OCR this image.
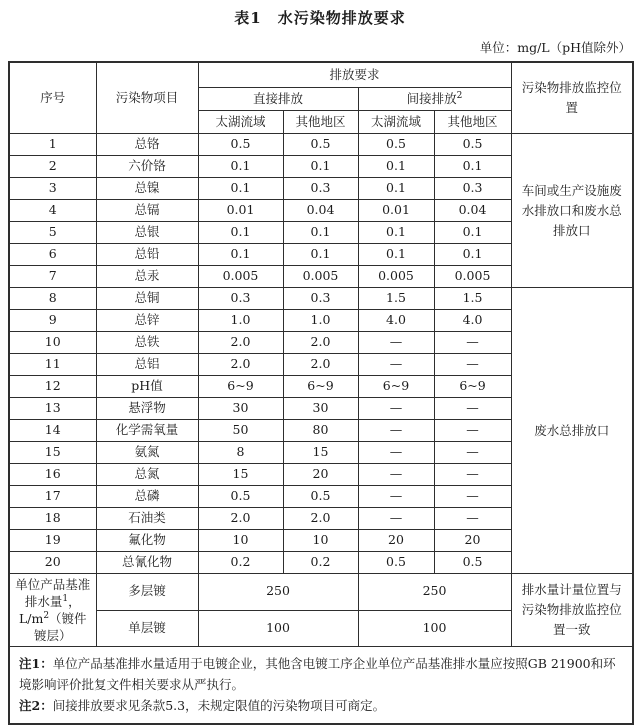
表1　水污染物排放要求
单位：mg/L（pH值除外）
序号	污染物项目	排放要求				污染物排放监控位置
		直接排放		间接排放$^2$
		太湖流域	其他地区	太湖流域	其他地区	
1	总铬	0.5	0.5	0.5	0.5	车间或生产设施废水排放口和废水总排放口
2	六价铬	0.1	0.1	0.1	0.1	
3	总镍	0.1	0.3	0.1	0.3	
4	总镉	0.01	0.04	0.01	0.04	
5	总银	0.1	0.1	0.1	0.1	
6	总铅	0.1	0.1	0.1	0.1	
7	总汞	0.005	0.005	0.005	0.005	
8	总铜	0.3	0.3	1.5	1.5	废水总排放口
9	总锌	1.0	1.0	4.0	4.0	
10	总铁	2.0	2.0	—	—	
11	总铝	2.0	2.0	—	—	
12	pH值	6~9	6~9	6~9	6~9	
13	悬浮物	30	30	—	—	
14	化学需氧量	50	80	—	—	
15	氨氮	8	15	—	—	
16	总氮	15	20	—	—	
17	总磷	0.5	0.5	—	—	
18	石油类	2.0	2.0	—	—	
19	氟化物	10	10	20	20	
20	总氰化物	0.2	0.2	0.5	0.5	
单位产品基准排水量$^1$，$L/m^2$（镀件镀层）	多层镀	250		250		排水量计量位置与污染物排放监控位置一致
	单层镀	100		100		

注1：单位产品基准排水量适用于电镀企业，其他含电镀工序企业单位产品基准排水量应按照GB 21900和环境影响评价批复文件相关要求从严执行。
注2：间接排放要求见条款5.3，未规定限值的污染物项目可商定。						
